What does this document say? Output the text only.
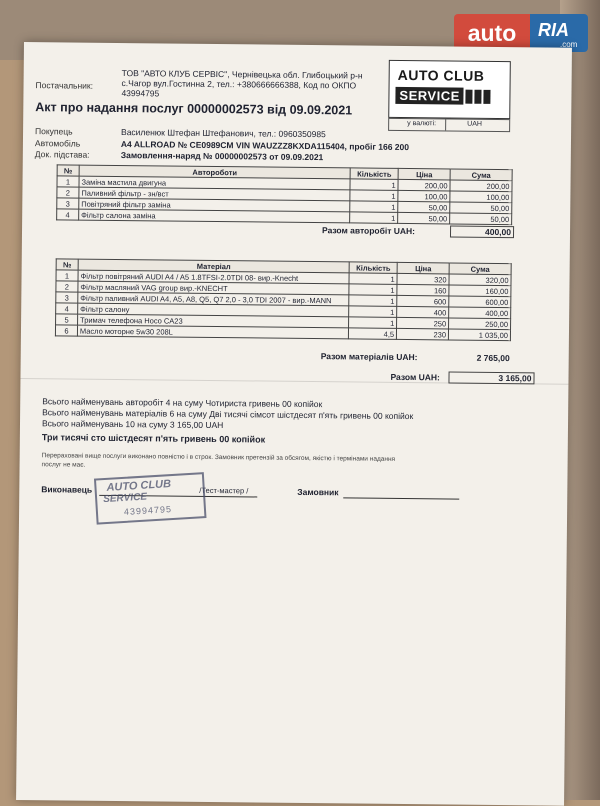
auto	RIA
.com
Постачальник:
ТОВ "АВТО КЛУБ СЕРВІС", Чернівецька обл. Глибоцький р-н
с.Чагор вул.Гостинна 2, тел.: +380666666388, Код по ОКПО
43994795
AUTO CLUB
SERVICE
у валюті:	UAH
Акт про надання послуг 00000002573 від 09.09.2021
Покупець	Василенюк Штефан Штефанович, тел.: 0960350985
Автомобіль	A4 ALLROAD № CE0989CM VIN WAUZZZ8KXDA115404, пробіг 166 200
Док. підстава:	Замовлення-наряд № 00000002573 от 09.09.2021
№	Автороботи	Кількість	Ціна	Сума
1	Заміна мастила двигуна	1	200,00	200,00
2	Паливний фільтр - зн/вст	1	100,00	100,00
3	Повітряний фільтр заміна	1	50,00	50,00
4	Фільтр салона заміна	1	50,00	50,00
Разом авторобіт UAH:	400,00
№	Матеріал	Кількість	Ціна	Сума
1	Фільтр повітряний AUDI A4 / A5 1.8TFSI-2.0TDI 08- вир.-Knecht	1	320	320,00
2	Фільтр масляний VAG group вир.-KNECHT	1	160	160,00
3	Фільтр паливний AUDI A4, A5, A8, Q5, Q7 2,0 - 3,0 TDI 2007 - вир.-MANN	1	600	600,00
4	Фільтр салону	1	400	400,00
5	Тримач телефона Hoco CA23	1	250	250,00
6	Масло моторне 5w30 208L	4,5	230	1 035,00
Разом матеріалів UAH:	2 765,00
Разом UAH:	3 165,00
Всього найменувань авторобіт 4 на суму Чотириста гривень 00 копійок
Всього найменувань матеріалів 6 на суму Дві тисячі сімсот шістдесят п'ять гривень 00 копійок
Всього найменувань 10 на суму 3 165,00 UAH
Три тисячі сто шістдесят п'ять гривень 00 копійок
Перераховані вище послуги виконано повністю і в строк. Замовник претензій за обсягом, якістю і термінами надання
послуг не має.
Виконавець	/Тест-мастер /	Замовник
AUTO CLUB
SERVICE
43994795
